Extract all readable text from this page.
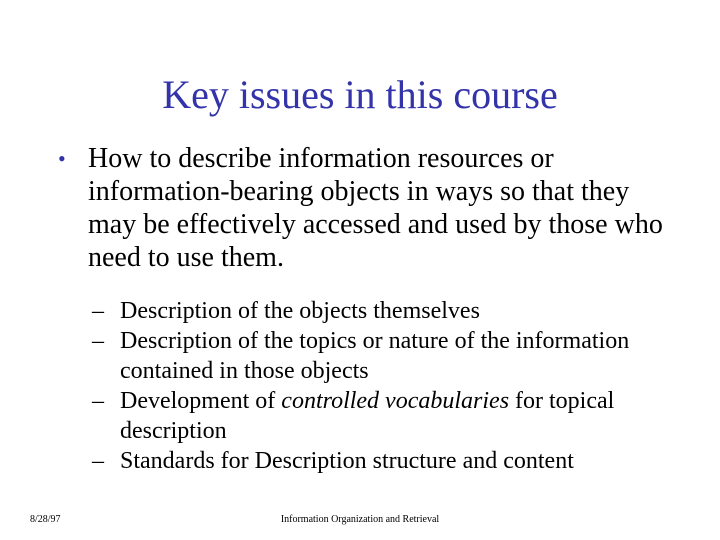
Key issues in this course
• How to describe information resources or information-bearing objects in ways so that they may be effectively accessed and used by those who need to use them.

– Description of the objects themselves

– Description of the topics or nature of the information contained in those objects

– Development of controlled vocabularies for topical description

– Standards for Description structure and content

8/28/97	Information Organization and Retrieval
